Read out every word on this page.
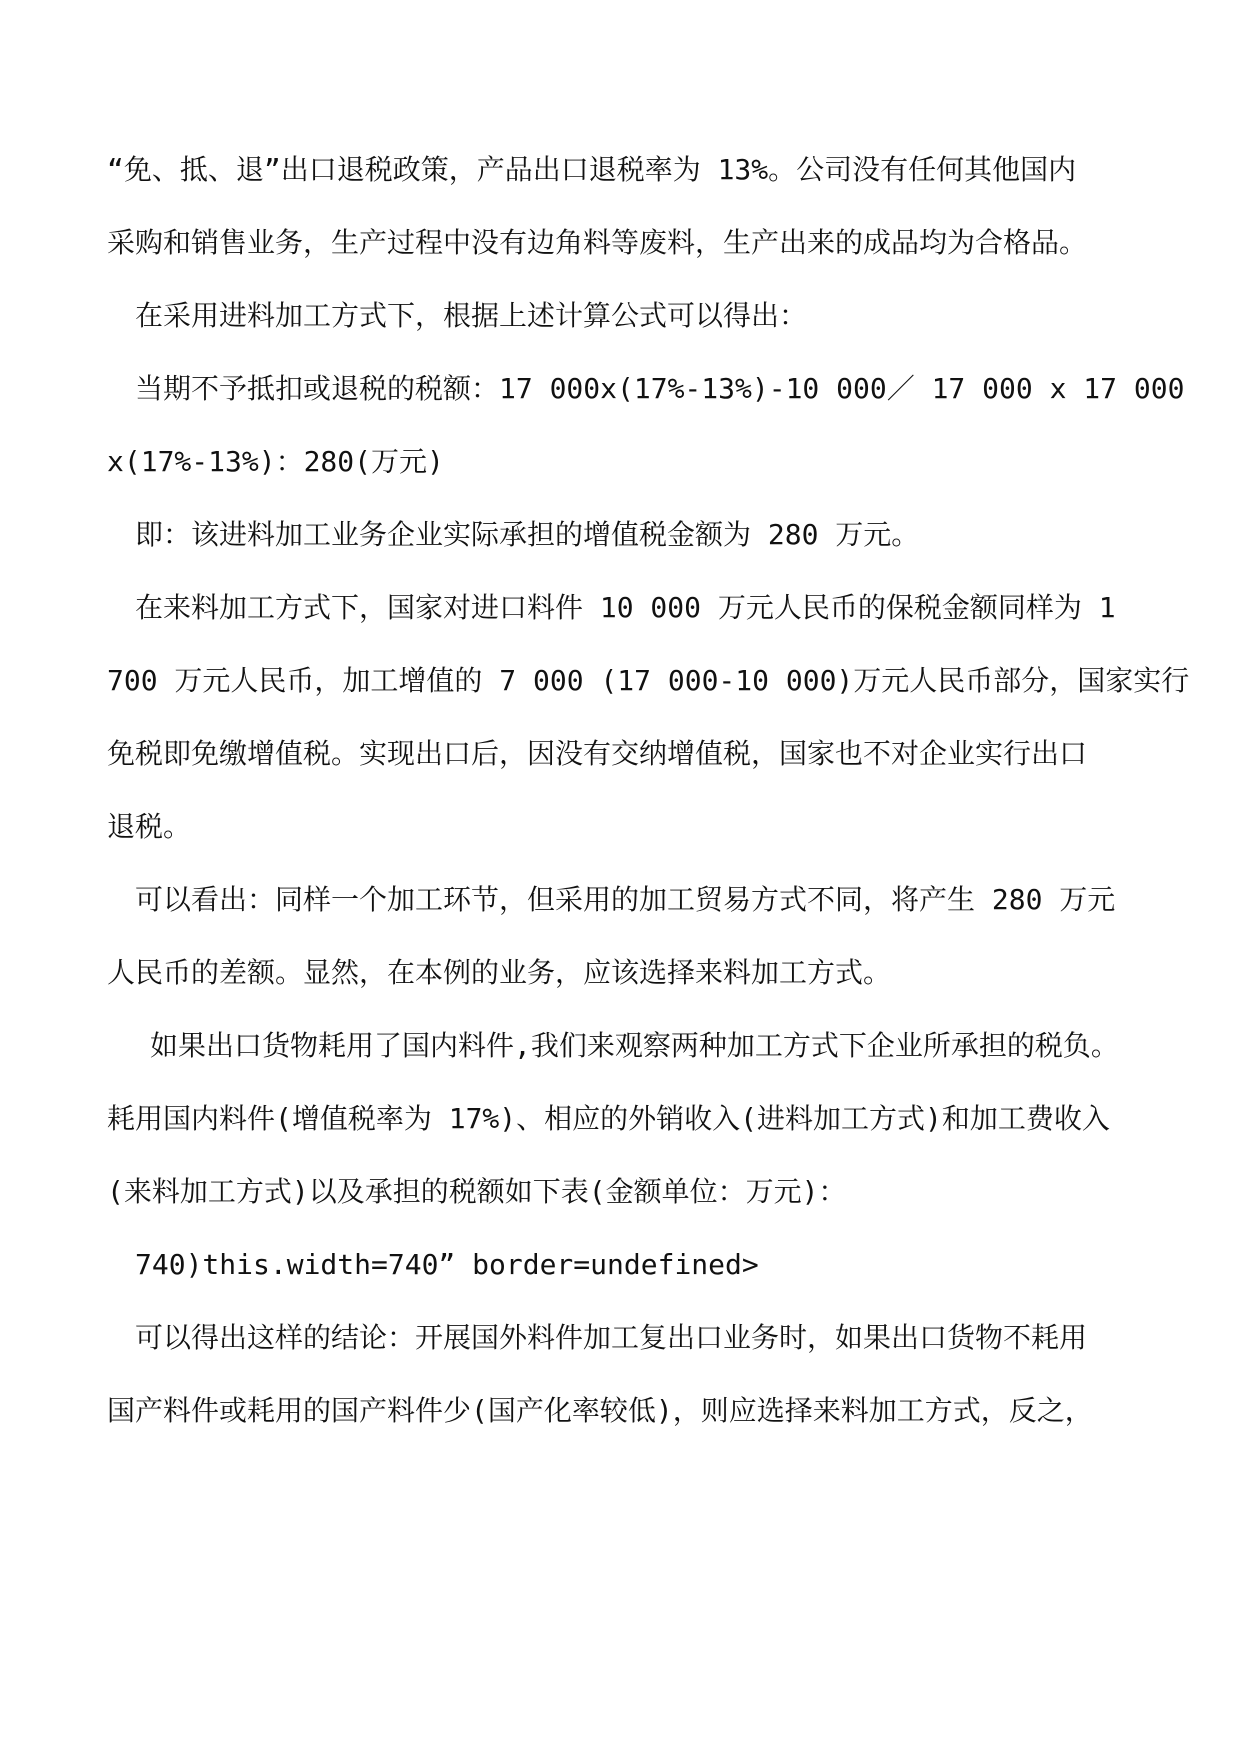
“免、抵、退”出口退税政策，产品出口退税率为 13%。公司没有任何其他国内
采购和销售业务，生产过程中没有边角料等废料，生产出来的成品均为合格品。
在采用进料加工方式下，根据上述计算公式可以得出：
当期不予抵扣或退税的税额：17 000x(17%-13%)-10 000／ 17 000 x 17 000
x(17%-13%)：280(万元)
即：该进料加工业务企业实际承担的增值税金额为 280 万元。
在来料加工方式下，国家对进口料件 10 000 万元人民币的保税金额同样为 1
700 万元人民币，加工增值的 7 000 (17 000-10 000)万元人民币部分，国家实行
免税即免缴增值税。实现出口后，因没有交纳增值税，国家也不对企业实行出口
退税。
可以看出：同样一个加工环节，但采用的加工贸易方式不同，将产生 280 万元
人民币的差额。显然，在本例的业务，应该选择来料加工方式。
如果出口货物耗用了国内料件,我们来观察两种加工方式下企业所承担的税负。
耗用国内料件(增值税率为 17%)、相应的外销收入(进料加工方式)和加工费收入
(来料加工方式)以及承担的税额如下表(金额单位：万元)：
740)this.width=740” border=undefined>
可以得出这样的结论：开展国外料件加工复出口业务时，如果出口货物不耗用
国产料件或耗用的国产料件少(国产化率较低)，则应选择来料加工方式，反之，
